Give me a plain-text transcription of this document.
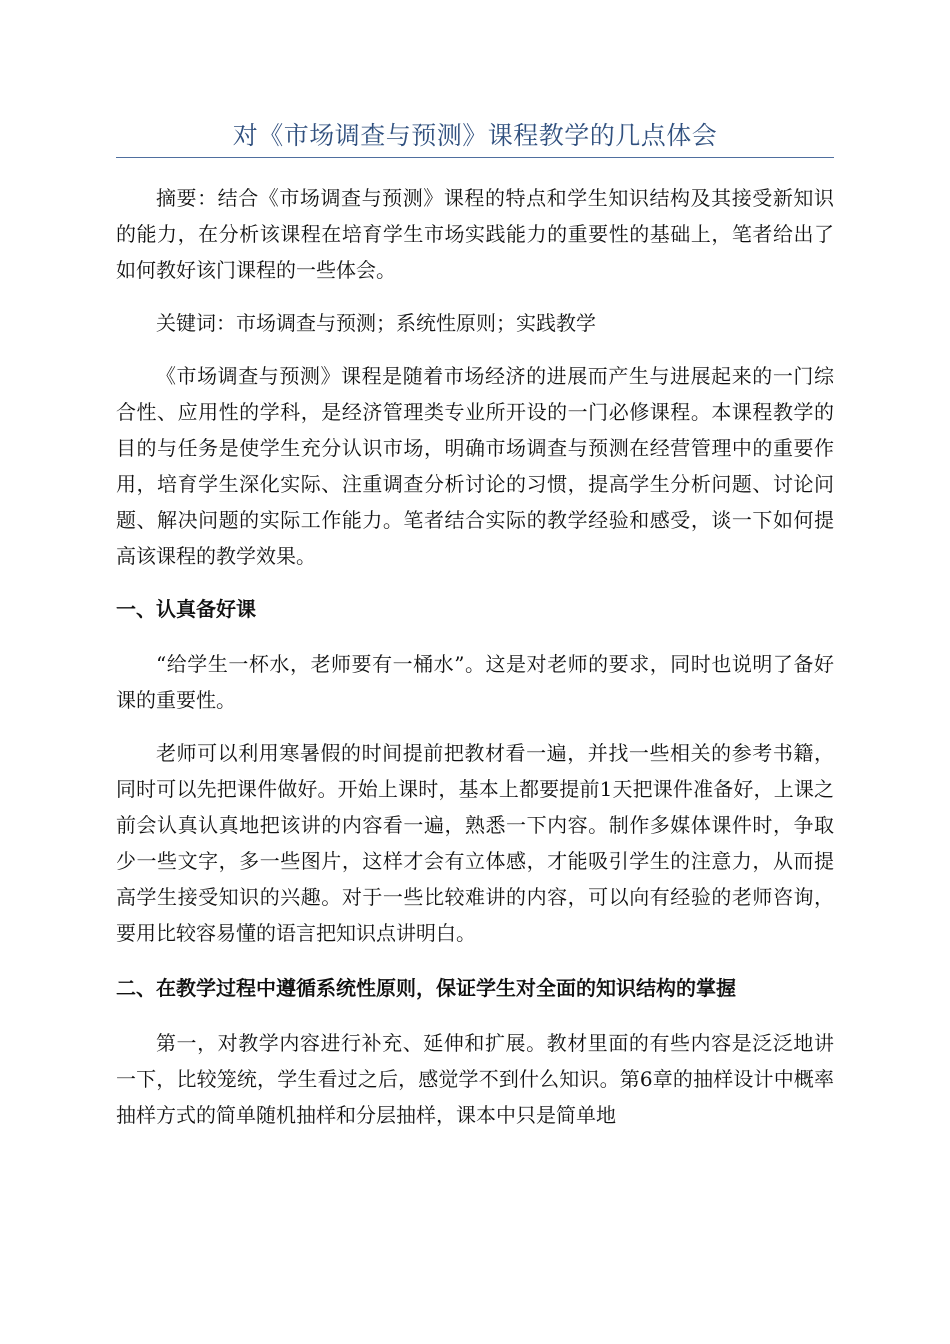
对《市场调查与预测》课程教学的几点体会

摘要：结合《市场调查与预测》课程的特点和学生知识结构及其接受新知识的能力，在分析该课程在培育学生市场实践能力的重要性的基础上，笔者给出了如何教好该门课程的一些体会。

关键词：市场调查与预测；系统性原则；实践教学

《市场调查与预测》课程是随着市场经济的进展而产生与进展起来的一门综合性、应用性的学科，是经济管理类专业所开设的一门必修课程。本课程教学的目的与任务是使学生充分认识市场，明确市场调查与预测在经营管理中的重要作用，培育学生深化实际、注重调查分析讨论的习惯，提高学生分析问题、讨论问题、解决问题的实际工作能力。笔者结合实际的教学经验和感受，谈一下如何提高该课程的教学效果。

一、认真备好课

“给学生一杯水，老师要有一桶水”。这是对老师的要求，同时也说明了备好课的重要性。

老师可以利用寒暑假的时间提前把教材看一遍，并找一些相关的参考书籍，同时可以先把课件做好。开始上课时，基本上都要提前1天把课件准备好，上课之前会认真认真地把该讲的内容看一遍，熟悉一下内容。制作多媒体课件时，争取少一些文字，多一些图片，这样才会有立体感，才能吸引学生的注意力，从而提高学生接受知识的兴趣。对于一些比较难讲的内容，可以向有经验的老师咨询，要用比较容易懂的语言把知识点讲明白。

二、在教学过程中遵循系统性原则，保证学生对全面的知识结构的掌握

第一，对教学内容进行补充、延伸和扩展。教材里面的有些内容是泛泛地讲一下，比较笼统，学生看过之后，感觉学不到什么知识。第6章的抽样设计中概率抽样方式的简单随机抽样和分层抽样，课本中只是简单地
